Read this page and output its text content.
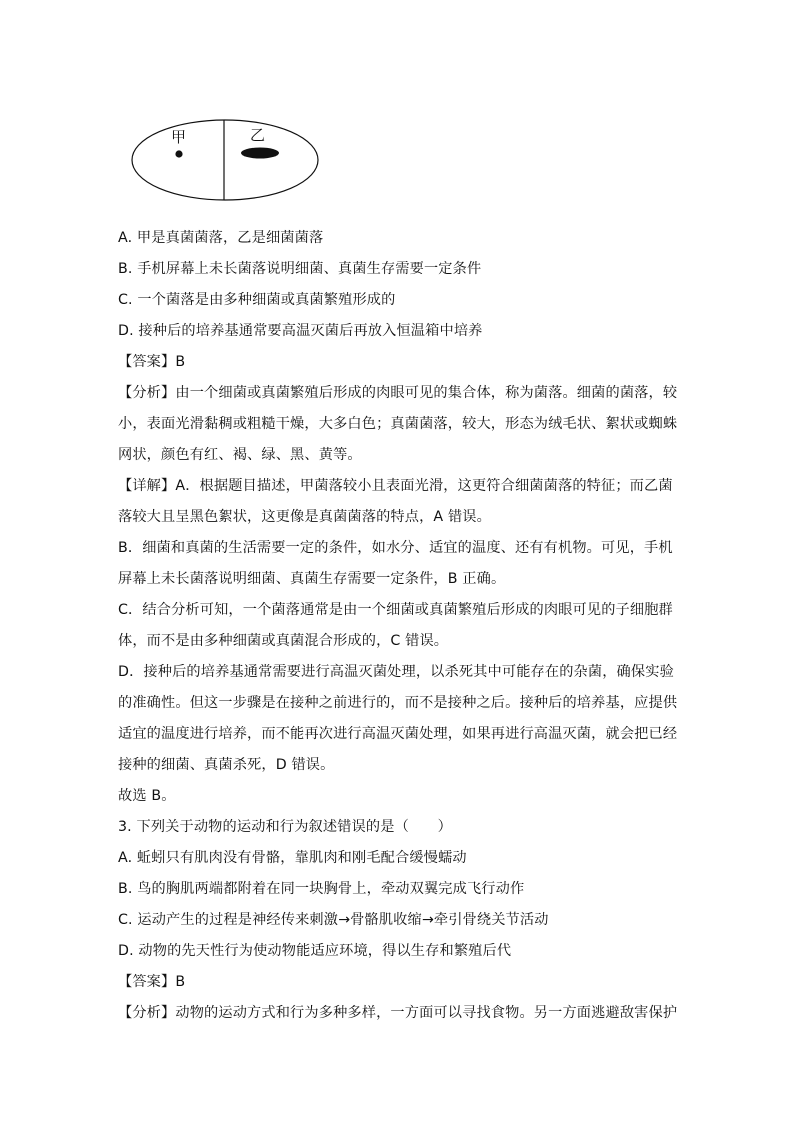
甲	乙
A. 甲是真菌菌落，乙是细菌菌落
B. 手机屏幕上未长菌落说明细菌、真菌生存需要一定条件
C. 一个菌落是由多种细菌或真菌繁殖形成的
D. 接种后的培养基通常要高温灭菌后再放入恒温箱中培养
【答案】B
【分析】由一个细菌或真菌繁殖后形成的肉眼可见的集合体，称为菌落。细菌的菌落，较
小，表面光滑黏稠或粗糙干燥，大多白色；真菌菌落，较大，形态为绒毛状、絮状或蜘蛛
网状，颜色有红、褐、绿、黑、黄等。
【详解】A．根据题目描述，甲菌落较小且表面光滑，这更符合细菌菌落的特征；而乙菌
落较大且呈黑色絮状，这更像是真菌菌落的特点，A 错误。
B．细菌和真菌的生活需要一定的条件，如水分、适宜的温度、还有有机物。可见，手机
屏幕上未长菌落说明细菌、真菌生存需要一定条件，B 正确。
C．结合分析可知，一个菌落通常是由一个细菌或真菌繁殖后形成的肉眼可见的子细胞群
体，而不是由多种细菌或真菌混合形成的，C 错误。
D．接种后的培养基通常需要进行高温灭菌处理，以杀死其中可能存在的杂菌，确保实验
的准确性。但这一步骤是在接种之前进行的，而不是接种之后。接种后的培养基，应提供
适宜的温度进行培养，而不能再次进行高温灭菌处理，如果再进行高温灭菌，就会把已经
接种的细菌、真菌杀死，D 错误。
故选 B。
3. 下列关于动物的运动和行为叙述错误的是（　　）
A. 蚯蚓只有肌肉没有骨骼，靠肌肉和刚毛配合缓慢蠕动
B. 鸟的胸肌两端都附着在同一块胸骨上，牵动双翼完成飞行动作
C. 运动产生的过程是神经传来刺激→骨骼肌收缩→牵引骨绕关节活动
D. 动物的先天性行为使动物能适应环境，得以生存和繁殖后代
【答案】B
【分析】动物的运动方式和行为多种多样，一方面可以寻找食物。另一方面逃避敌害保护
